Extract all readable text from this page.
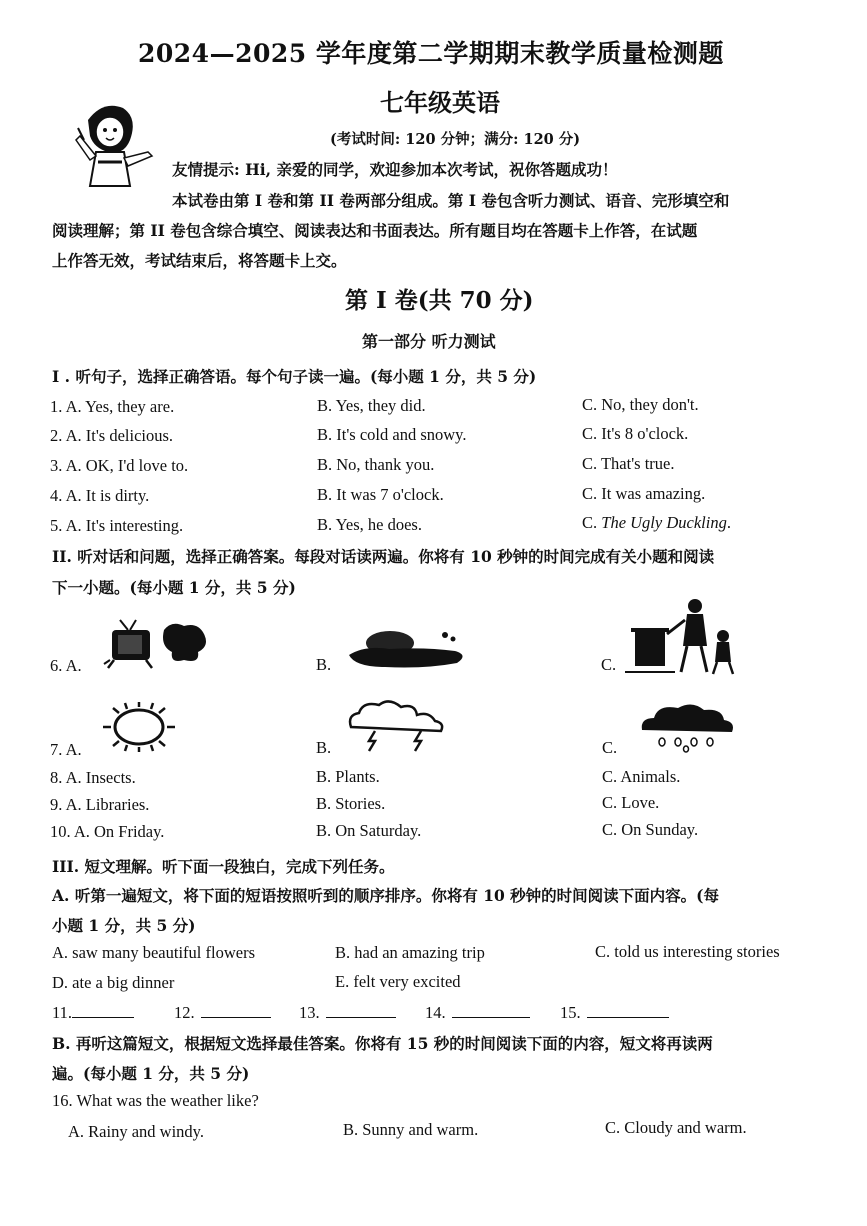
2024—2025 学年度第二学期期末教学质量检测题
七年级英语
(考试时间: 120 分钟；满分: 120 分)
友情提示: Hi, 亲爱的同学，欢迎参加本次考试，祝你答题成功！
本试卷由第 I 卷和第 II 卷两部分组成。第 I 卷包含听力测试、语音、完形填空和
阅读理解；第 II 卷包含综合填空、阅读表达和书面表达。所有题目均在答题卡上作答，在试题
上作答无效，考试结束后，将答题卡上交。
第 I 卷(共 70 分)
第一部分 听力测试
I . 听句子，选择正确答语。每个句子读一遍。(每小题 1 分，共 5 分)
1. A. Yes, they are.	B. Yes, they did.	C. No, they don't.
2. A. It's delicious.	B. It's cold and snowy.	C. It's 8 o'clock.
3. A. OK, I'd love to.	B. No, thank you.	C. That's true.
4. A. It is dirty.	B. It was 7 o'clock.	C. It was amazing.
5. A. It's interesting.	B. Yes, he does.	C. The Ugly Duckling.
II. 听对话和问题，选择正确答案。每段对话读两遍。你将有 10 秒钟的时间完成有关小题和阅读
下一小题。(每小题 1 分，共 5 分)
6. A.	B.	C.
7. A.	B.	C.
8. A. Insects.	B. Plants.	C. Animals.
9. A. Libraries.	B. Stories.	C. Love.
10. A. On Friday.	B. On Saturday.	C. On Sunday.
III. 短文理解。听下面一段独白，完成下列任务。
A. 听第一遍短文，将下面的短语按照听到的顺序排序。你将有 10 秒钟的时间阅读下面内容。(每
小题 1 分，共 5 分)
A. saw many beautiful flowers	B. had an amazing trip	C. told us interesting stories
D. ate a big dinner	E. felt very excited
11.	12.	13.	14.	15.
B. 再听这篇短文，根据短文选择最佳答案。你将有 15 秒的时间阅读下面的内容，短文将再读两
遍。(每小题 1 分，共 5 分)
16. What was the weather like?
A. Rainy and windy.	B. Sunny and warm.	C. Cloudy and warm.
